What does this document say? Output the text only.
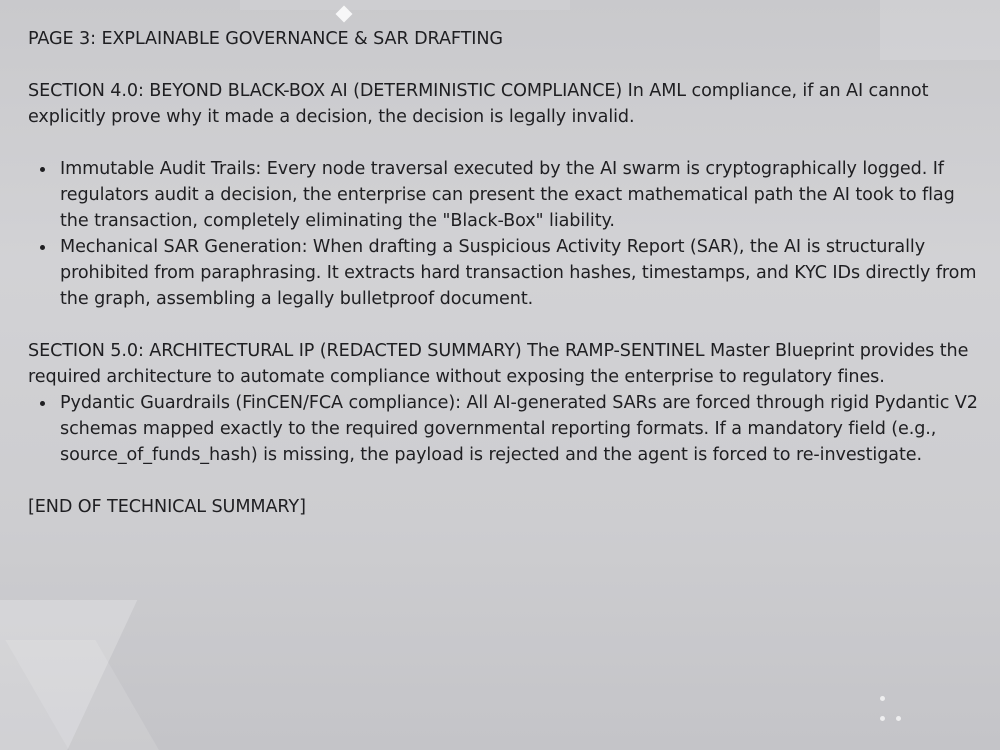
PAGE 3: EXPLAINABLE GOVERNANCE & SAR DRAFTING

SECTION 4.0: BEYOND BLACK-BOX AI (DETERMINISTIC COMPLIANCE) In AML compliance, if an AI cannot explicitly prove why it made a decision, the decision is legally invalid.

Immutable Audit Trails: Every node traversal executed by the AI swarm is cryptographically logged. If regulators audit a decision, the enterprise can present the exact mathematical path the AI took to flag the transaction, completely eliminating the "Black-Box" liability.
Mechanical SAR Generation: When drafting a Suspicious Activity Report (SAR), the AI is structurally prohibited from paraphrasing. It extracts hard transaction hashes, timestamps, and KYC IDs directly from the graph, assembling a legally bulletproof document.

SECTION 5.0: ARCHITECTURAL IP (REDACTED SUMMARY) The RAMP-SENTINEL Master Blueprint provides the required architecture to automate compliance without exposing the enterprise to regulatory fines.

Pydantic Guardrails (FinCEN/FCA compliance): All AI-generated SARs are forced through rigid Pydantic V2 schemas mapped exactly to the required governmental reporting formats. If a mandatory field (e.g., source_of_funds_hash) is missing, the payload is rejected and the agent is forced to re-investigate.

[END OF TECHNICAL SUMMARY]
